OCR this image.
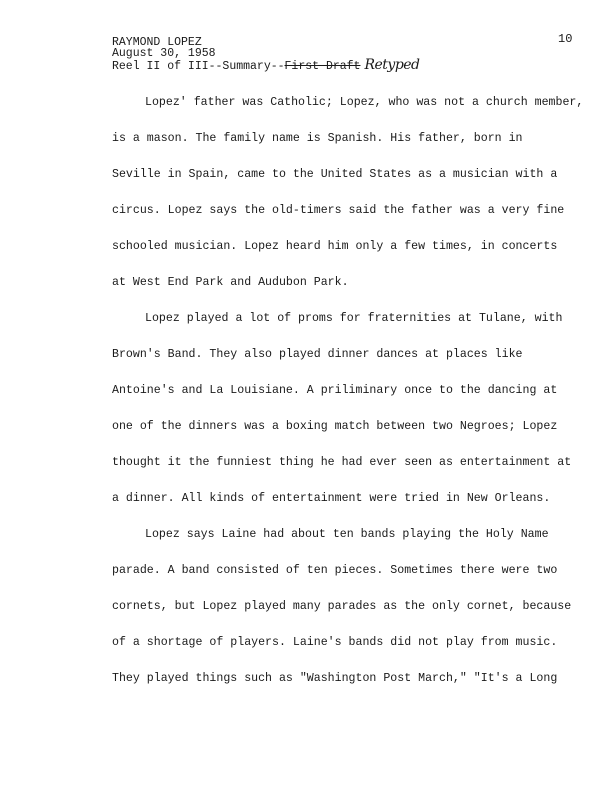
RAYMOND LOPEZ
August 30, 1958
Reel II of III--Summary--First Draft Retyped
10
Lopez' father was Catholic; Lopez, who was not a church member,
is a mason. The family name is Spanish. His father, born in
Seville in Spain, came to the United States as a musician with a
circus. Lopez says the old-timers said the father was a very fine
schooled musician. Lopez heard him only a few times, in concerts
at West End Park and Audubon Park.
Lopez played a lot of proms for fraternities at Tulane, with
Brown's Band. They also played dinner dances at places like
Antoine's and La Louisiane. A priliminary once to the dancing at
one of the dinners was a boxing match between two Negroes; Lopez
thought it the funniest thing he had ever seen as entertainment at
a dinner. All kinds of entertainment were tried in New Orleans.
Lopez says Laine had about ten bands playing the Holy Name
parade. A band consisted of ten pieces. Sometimes there were two
cornets, but Lopez played many parades as the only cornet, because
of a shortage of players. Laine's bands did not play from music.
They played things such as "Washington Post March," "It's a Long
